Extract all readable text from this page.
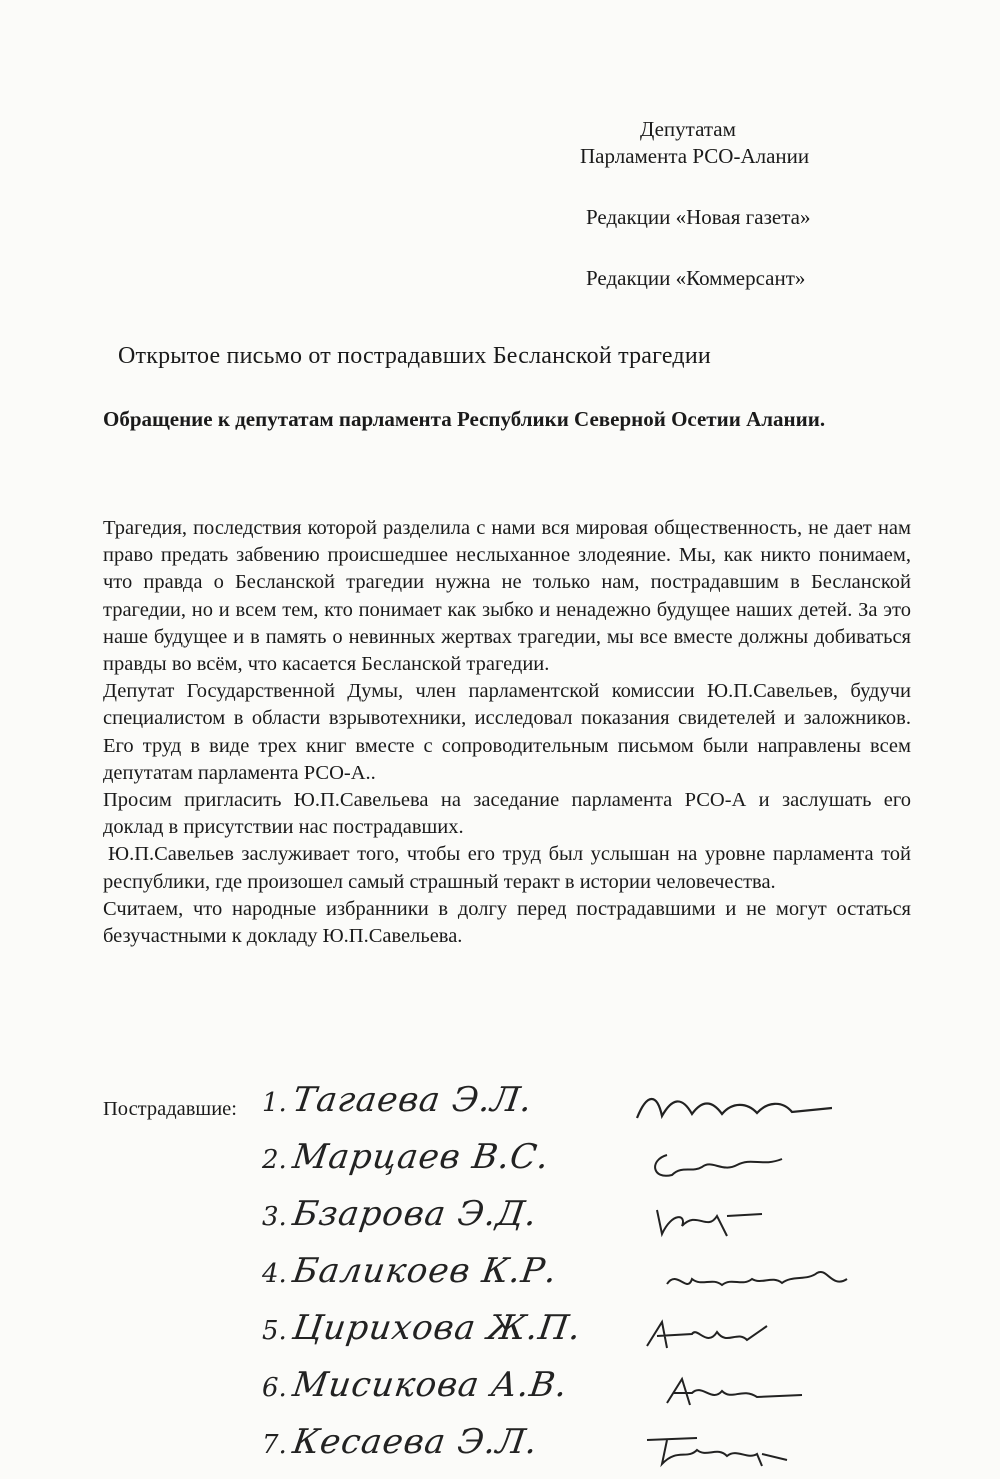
Депутатам
Парламента РСО-Алании
Редакции «Новая газета»
Редакции «Коммерсант»
Открытое письмо от пострадавших Бесланской трагедии
Обращение к депутатам парламента Республики Северной Осетии Алании.

Трагедия, последствия которой разделила с нами вся мировая общественность, не дает нам право предать забвению происшедшее неслыханное злодеяние. Мы, как никто понимаем, что правда о Бесланской трагедии нужна не только нам, пострадавшим в Бесланской трагедии, но и всем тем, кто понимает как зыбко и ненадежно будущее наших детей. За это наше будущее и в память о невинных жертвах трагедии, мы все вместе должны добиваться правды во всём, что касается Бесланской трагедии.

Депутат Государственной Думы, член парламентской комиссии Ю.П.Савельев, будучи специалистом в области взрывотехники, исследовал показания свидетелей и заложников. Его труд в виде трех книг вместе с сопроводительным письмом были направлены всем депутатам парламента РСО-А..

Просим пригласить Ю.П.Савельева на заседание парламента РСО-А и заслушать его доклад в присутствии нас пострадавших.

Ю.П.Савельев заслуживает того, чтобы его труд был услышан на уровне парламента той республики, где произошел самый страшный теракт в истории человечества.

Считаем, что народные избранники в долгу перед пострадавшими и не могут остаться безучастными к докладу Ю.П.Савельева.

Пострадавшие: 1. Тагаева Э.Л.
2. Марцаев В.С.
3. Бзарова Э.Д.
4. Баликоев К.Р.
5. Цирихова Ж.П.
6. Мисикова А.В.
7. Кесаева Э.Л.
